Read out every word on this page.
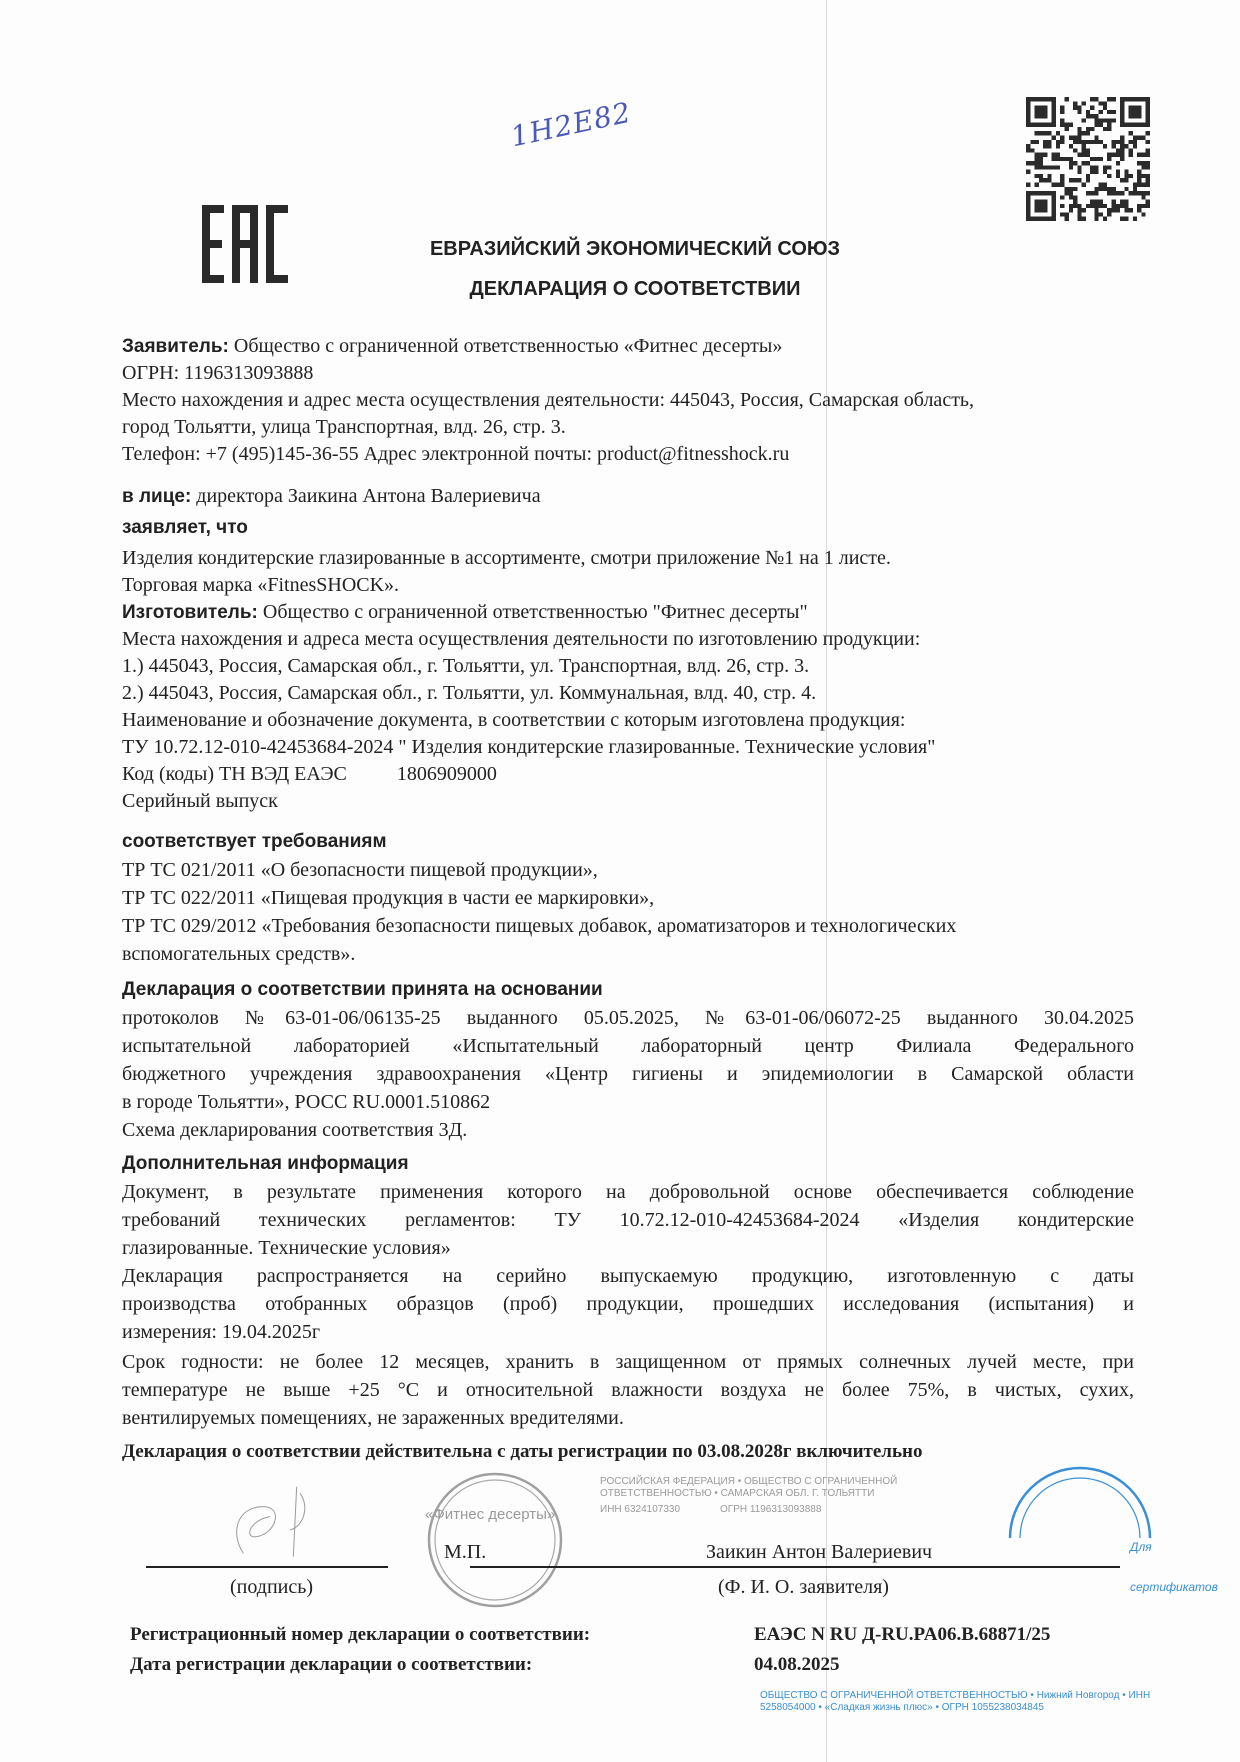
1H2E82
ЕВРАЗИЙСКИЙ ЭКОНОМИЧЕСКИЙ СОЮЗ
ДЕКЛАРАЦИЯ О СООТВЕТСТВИИ
Заявитель: Общество с ограниченной ответственностью «Фитнес десерты»
ОГРН: 1196313093888
Место нахождения и адрес места осуществления деятельности: 445043, Россия, Самарская область,
город Тольятти, улица Транспортная, влд. 26, стр. 3.
Телефон: +7 (495)145-36-55 Адрес электронной почты: product@fitnesshock.ru
в лице: директора Заикина Антона Валериевича
заявляет, что
Изделия кондитерские глазированные в ассортименте, смотри приложение №1 на 1 листе.
Торговая марка «FitnesSHOCK».
Изготовитель: Общество с ограниченной ответственностью "Фитнес десерты"
Места нахождения и адреса места осуществления деятельности по изготовлению продукции:
1.) 445043, Россия, Самарская обл., г. Тольятти, ул. Транспортная, влд. 26, стр. 3.
2.) 445043, Россия, Самарская обл., г. Тольятти, ул. Коммунальная, влд. 40, стр. 4.
Наименование и обозначение документа, в соответствии с которым изготовлена продукция:
ТУ 10.72.12-010-42453684-2024 " Изделия кондитерские глазированные. Технические условия"
Код (коды) ТН ВЭД ЕАЭС	1806909000
Серийный выпуск
соответствует требованиям
ТР ТС 021/2011 «О безопасности пищевой продукции»,
ТР ТС 022/2011 «Пищевая продукция в части ее маркировки»,
ТР ТС 029/2012 «Требования безопасности пищевых добавок, ароматизаторов и технологических
вспомогательных средств».
Декларация о соответствии принята на основании
протоколов №63-01-06/06135-25 выданного 05.05.2025, №63-01-06/06072-25 выданного 30.04.2025
испытательной лабораторией «Испытательный лабораторный центр Филиала Федерального
бюджетного учреждения здравоохранения «Центр гигиены и эпидемиологии в Самарской области
в городе Тольятти», РОСС RU.0001.510862
Схема декларирования соответствия 3Д.
Дополнительная информация
Документ, в результате применения которого на добровольной основе обеспечивается соблюдение
требований технических регламентов: ТУ 10.72.12-010-42453684-2024 «Изделия кондитерские
глазированные. Технические условия»
Декларация распространяется на серийно выпускаемую продукцию, изготовленную с даты
производства отобранных образцов (проб) продукции, прошедших исследования (испытания) и
измерения: 19.04.2025г
Срок годности: не более 12 месяцев, хранить в защищенном от прямых солнечных лучей месте, при
температуре не выше +25 °С и относительной влажности воздуха не более 75%, в чистых, сухих,
вентилируемых помещениях, не зараженных вредителями.
Декларация о соответствии действительна с даты регистрации по 03.08.2028г включительно
РОССИЙСКАЯ ФЕДЕРАЦИЯ • ОБЩЕСТВО С ОГРАНИЧЕННОЙ ОТВЕТСТВЕННОСТЬЮ • САМАРСКАЯ ОБЛ. Г. ТОЛЬЯТТИ
ИНН 6324107330	ОГРН 1196313093888
«Фитнес десерты»
М.П.
(подпись)
Заикин Антон Валериевич
(Ф. И. О. заявителя)
Для
сертификатов
ОБЩЕСТВО С ОГРАНИЧЕННОЙ ОТВЕТСТВЕННОСТЬЮ • Нижний Новгород • ИНН 5258054000 • «Сладкая жизнь плюс» • ОГРН 1055238034845
Регистрационный номер декларации о соответствии:	ЕАЭС N RU Д-RU.PA06.B.68871/25
Дата регистрации декларации о соответствии:	04.08.2025
